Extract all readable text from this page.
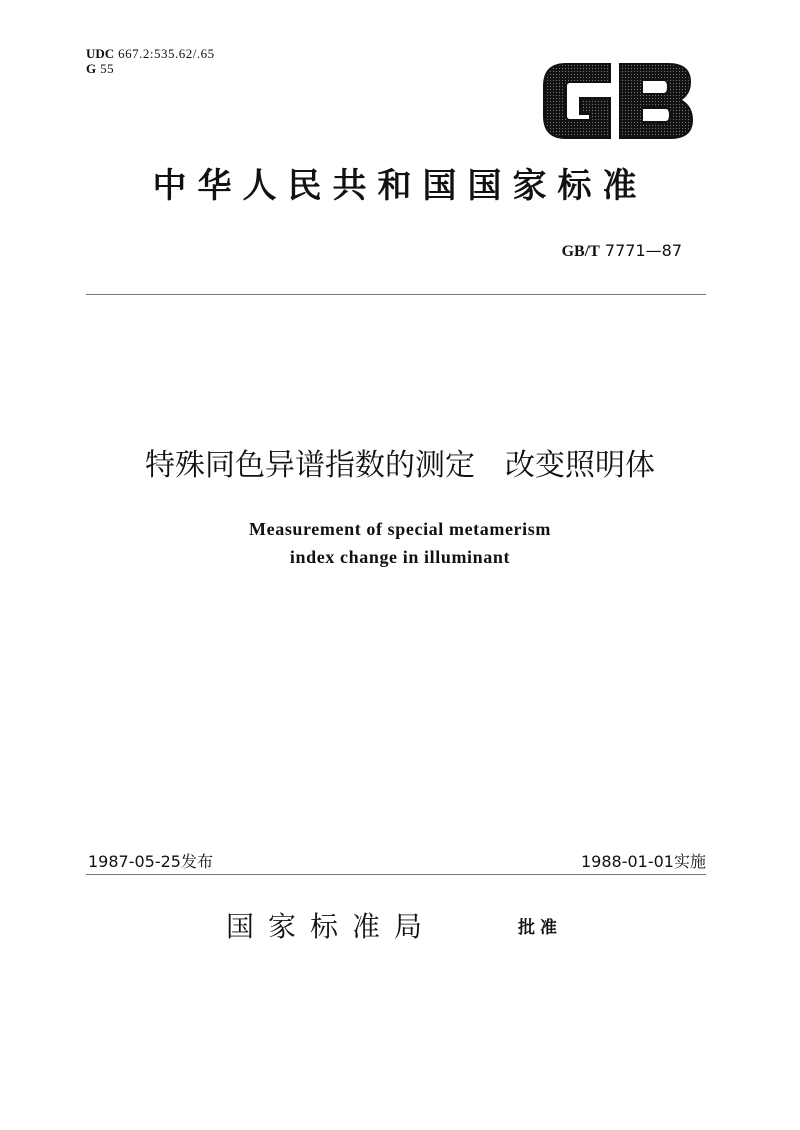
UDC 667.2:535.62/.65
G 55
中华人民共和国国家标准
GB/T 7771—87
特殊同色异谱指数的测定　改变照明体
Measurement of special metamerism
index change in illuminant
1987-05-25发布	1988-01-01实施
国家标准局	批准
